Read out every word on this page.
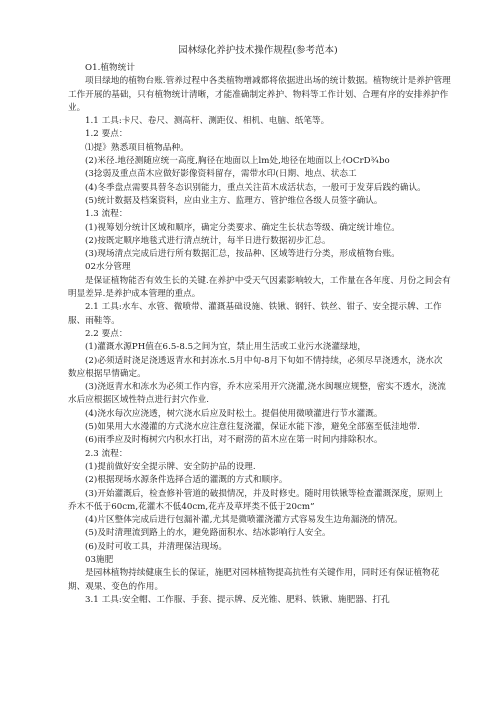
园林绿化养护技术操作规程(参考范本)

O1.植物统计

项目绿地的植物台账.管养过程中各类植物增减都将依据进出场的统计数据。植物统计是养护管理工作开展的基础，只有植物统计清晰，才能准确制定养护、物料等工作计划、合理有序的安排养护作业。

1.1 工具:卡尺、卷尺、测高杆、测距仪、相机、电脑、纸笔等。

1.2 要点：

⑴提》熟悉项目植物品种。

(2)米径.地径测随应统一高度,胸径在地面以上lm处,地径在地面以上ｲOCrD¾bo

(3捻弱及重点苗木应做好影像资料留存，需带水印(日期、地点、状态工

(4)冬季盘点需要具替冬态识别能力，重点关注苗木成活状态，一般可于发芽后践约确认。

(5)统计数据及档案资料，应由业主方、监理方、管护维位各级人员签字确认。

1.3 流程：

(1)视筹划分统计区域和顺序，确定分类要求、确定生长状态等级、确定统计堆位。

(2)按既定顺序地毯式进行清点统计，每半日进行数据初步汇总。

(3)现场清点完成后进行所有数据汇总，按品种、区域等进行分类，形成植物台账。

02水分管理

是保证植物能否有效生长的关键.在养护中受天气因素影响较大，工作量在各年度、月份之间会有明显差异.是养护成本管理的重点。

2.1 工具:水车、水管、微喷带、灌溉基础设施、铁锹、钢钎、铁丝、钳子、安全提示牌、工作服、雨鞋等。

2.2 要点：

(1)灌溉水源PH值在6.5-8.5之间为宜，禁止用生活或工业污水浇灌绿地，

(2)必须适时浇足浇透返青水和封冻水.5月中旬-8月下旬如不情持续，必须尽早浇透水，浇水次数应根据早情确定。

(3)浇返青水和冻水为必须工作内容，乔木应采用开穴浇灌,浇水闽堰应规整，密实不透水，浇流水后应根据区域性特点进行封穴作业.

(4)浇水每次应浇透，树穴浇水后应及时松土。提倡使用微喷灌进行节水灌溉。

(5)如果用大水漫灌的方式浇水应注意往复浇灌，保证水能下渗，避免全部塞至低洼地带.

(6)雨季应及时梅树穴内积水打出，对不耐涝的苗木应在第一时间内排除积水。

2.3 流程：

(1)提前做好安全提示牌、安全防护品的设理.

(2)根据现场水源条件选择合适的灌溉的方式和顺序。

(3)开始灌溉后，检查修补管道的破损情况，并及时修史。随时用铁锹等检查灌溉深度，原则上乔木不低于60cm,花灌木不低40cm,花卉及草坪类不低于20cm”

(4)片区整体完成后进行包漏补灌,尤其是微喷灌浇灌方式容易发生边角漏浇的情况。

(5)及时清理流到路上的水，避免路面积水、结冰影响行人安全。

(6)及时可收工具，并清理保洁现场。

03施肥

是园林植物持续健康生长的保证，施肥对园林植物提高抗性有关键作用，同时还有保证植物花期、观果、变色的作用。

3.1 工具:安全帽、工作服、手套、提示牌、反光锥、肥料、铁锹、施肥器、打孔
